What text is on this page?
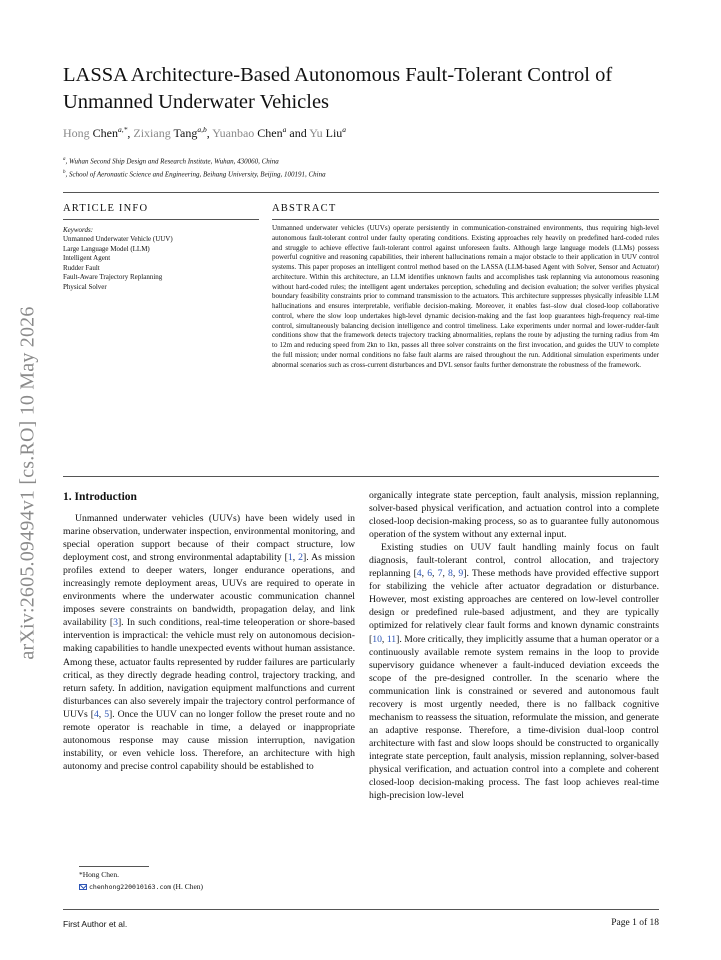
arXiv:2605.09494v1 [cs.RO] 10 May 2026
LASSA Architecture-Based Autonomous Fault-Tolerant Control of Unmanned Underwater Vehicles
Hong Chen$^{a,*}$, Zixiang Tang$^{a,b}$, Yuanbao Chen$^a$ and Yu Liu$^a$
$^a$, Wuhan Second Ship Design and Research Institute, Wuhan, 430060, China
$^b$, School of Aeronautic Science and Engineering, Beihang University, Beijing, 100191, China
ARTICLE INFO	ABSTRACT
Keywords:
Unmanned Underwater Vehicle (UUV)
Large Language Model (LLM)
Intelligent Agent
Rudder Fault
Fault-Aware Trajectory Replanning
Physical Solver
Unmanned underwater vehicles (UUVs) operate persistently in communication-constrained environments, thus requiring high-level autonomous fault-tolerant control under faulty operating conditions. Existing approaches rely heavily on predefined hard-coded rules and struggle to achieve effective fault-tolerant control against unforeseen faults. Although large language models (LLMs) possess powerful cognitive and reasoning capabilities, their inherent hallucinations remain a major obstacle to their application in UUV control systems. This paper proposes an intelligent control method based on the LASSA (LLM-based Agent with Solver, Sensor and Actuator) architecture. Within this architecture, an LLM identifies unknown faults and accomplishes task replanning via autonomous reasoning without hard-coded rules; the intelligent agent undertakes perception, scheduling and decision evaluation; the solver verifies physical boundary feasibility constraints prior to command transmission to the actuators. This architecture suppresses physically infeasible LLM hallucinations and ensures interpretable, verifiable decision-making. Moreover, it enables fast–slow dual closed-loop collaborative control, where the slow loop undertakes high-level dynamic decision-making and the fast loop guarantees high-frequency real-time control, simultaneously balancing decision intelligence and control timeliness. Lake experiments under normal and lower-rudder-fault conditions show that the framework detects trajectory tracking abnormalities, replans the route by adjusting the turning radius from 4m to 12m and reducing speed from 2kn to 1kn, passes all three solver constraints on the first invocation, and guides the UUV to complete the full mission; under normal conditions no false fault alarms are raised throughout the run. Additional simulation experiments under abnormal scenarios such as cross-current disturbances and DVL sensor faults further demonstrate the robustness of the framework.
1. Introduction

Unmanned underwater vehicles (UUVs) have been widely used in marine observation, underwater inspection, environmental monitoring, and special operation support because of their compact structure, low deployment cost, and strong environmental adaptability [1, 2]. As mission profiles extend to deeper waters, longer endurance operations, and increasingly remote deployment areas, UUVs are required to operate in environments where the underwater acoustic communication channel imposes severe constraints on bandwidth, propagation delay, and link availability [3]. In such conditions, real-time teleoperation or shore-based intervention is impractical: the vehicle must rely on autonomous decision-making capabilities to handle unexpected events without human assistance. Among these, actuator faults represented by rudder failures are particularly critical, as they directly degrade heading control, trajectory tracking, and return safety. In addition, navigation equipment malfunctions and current disturbances can also severely impair the trajectory control performance of UUVs [4, 5]. Once the UUV can no longer follow the preset route and no remote operator is reachable in time, a delayed or inappropriate autonomous response may cause mission interruption, navigation instability, or even vehicle loss. Therefore, an architecture with high autonomy and precise control capability should be established to

*Hong Chen.
chenhong220010163.com (H. Chen)

organically integrate state perception, fault analysis, mission replanning, solver-based physical verification, and actuation control into a complete closed-loop decision-making process, so as to guarantee fully autonomous operation of the system without any external input.

Existing studies on UUV fault handling mainly focus on fault diagnosis, fault-tolerant control, control allocation, and trajectory replanning [4, 6, 7, 8, 9]. These methods have provided effective support for stabilizing the vehicle after actuator degradation or disturbance. However, most existing approaches are centered on low-level controller design or predefined rule-based adjustment, and they are typically optimized for relatively clear fault forms and known dynamic constraints [10, 11]. More critically, they implicitly assume that a human operator or a continuously available remote system remains in the loop to provide supervisory guidance whenever a fault-induced deviation exceeds the scope of the pre-designed controller. In the scenario where the communication link is constrained or severed and autonomous fault recovery is most urgently needed, there is no fallback cognitive mechanism to reassess the situation, reformulate the mission, and generate an adaptive response. Therefore, a time-division dual-loop control architecture with fast and slow loops should be constructed to organically integrate state perception, fault analysis, mission replanning, solver-based physical verification, and actuation control into a complete and coherent closed-loop decision-making process. The fast loop achieves real-time high-precision low-level

First Author et al.	Page 1 of 18
